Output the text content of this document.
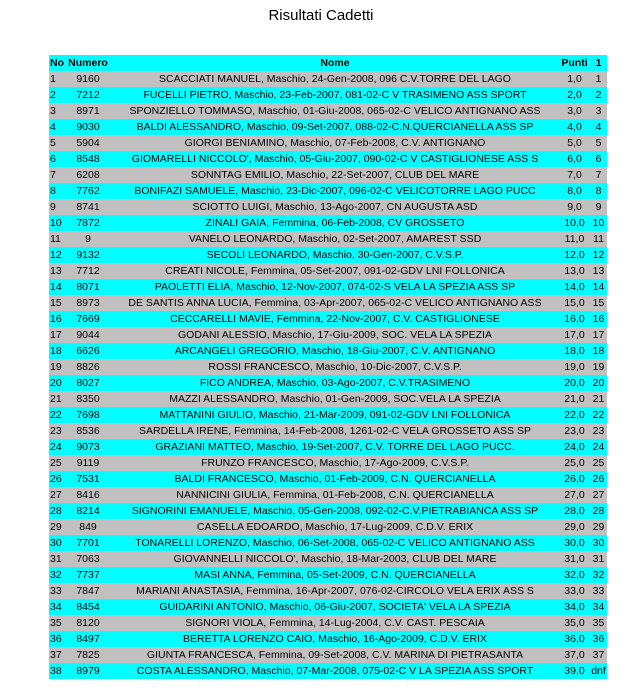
Risultati Cadetti
No	Numero	Nome	Punti	1
1	9160	SCACCIATI MANUEL, Maschio, 24-Gen-2008, 096 C.V.TORRE DEL LAGO	1,0	1
2	7212	FUCELLI PIETRO, Maschio, 23-Feb-2007, 081-02-C V TRASIMENO ASS SPORT	2,0	2
3	8971	SPONZIELLO TOMMASO, Maschio, 01-Giu-2008, 065-02-C VELICO ANTIGNANO ASS	3,0	3
4	9030	BALDI ALESSANDRO, Maschio, 09-Set-2007, 088-02-C.N.QUERCIANELLA ASS SP	4,0	4
5	5904	GIORGI BENIAMINO, Maschio, 07-Feb-2008, C.V. ANTIGNANO	5,0	5
6	8548	GIOMARELLI NICCOLO', Maschio, 05-Giu-2007, 090-02-C V CASTIGLIONESE ASS S	6,0	6
7	6208	SONNTAG EMILIO, Maschio, 22-Set-2007, CLUB DEL MARE	7,0	7
8	7762	BONIFAZI SAMUELE, Maschio, 23-Dic-2007, 096-02-C VELICOTORRE LAGO PUCC	8,0	8
9	8741	SCIOTTO LUIGI, Maschio, 13-Ago-2007, CN AUGUSTA ASD	9,0	9
10	7872	ZINALI GAIA, Femmina, 06-Feb-2008, CV GROSSETO	10,0	10
11	9	VANELO LEONARDO, Maschio, 02-Set-2007, AMAREST SSD	11,0	11
12	9132	SECOLI LEONARDO, Maschio, 30-Gen-2007, C.V.S.P.	12,0	12
13	7712	CREATI NICOLE, Femmina, 05-Set-2007, 091-02-GDV LNI FOLLONICA	13,0	13
14	8071	PAOLETTI ELIA, Maschio, 12-Nov-2007, 074-02-S VELA LA SPEZIA ASS SP	14,0	14
15	8973	DE SANTIS ANNA LUCIA, Femmina, 03-Apr-2007, 065-02-C VELICO ANTIGNANO ASS	15,0	15
16	7669	CECCARELLI MAVIE, Femmina, 22-Nov-2007, C.V. CASTIGLIONESE	16,0	16
17	9044	GODANI ALESSIO, Maschio, 17-Giu-2009, SOC. VELA LA SPEZIA	17,0	17
18	6626	ARCANGELI GREGORIO, Maschio, 18-Giu-2007, C.V. ANTIGNANO	18,0	18
19	8826	ROSSI FRANCESCO, Maschio, 10-Dic-2007, C.V.S.P.	19,0	19
20	8027	FICO ANDREA, Maschio, 03-Ago-2007, C.V.TRASIMENO	20,0	20
21	8350	MAZZI ALESSANDRO, Maschio, 01-Gen-2009, SOC.VELA LA SPEZIA	21,0	21
22	7698	MATTANINI GIULIO, Maschio, 21-Mar-2009, 091-02-GDV LNI FOLLONICA	22,0	22
23	8536	SARDELLA IRENE, Femmina, 14-Feb-2008, 1261-02-C VELA GROSSETO ASS SP	23,0	23
24	9073	GRAZIANI MATTEO, Maschio, 19-Set-2007, C.V. TORRE DEL LAGO PUCC.	24,0	24
25	9119	FRUNZO FRANCESCO, Maschio, 17-Ago-2009, C.V.S.P.	25,0	25
26	7531	BALDI FRANCESCO, Maschio, 01-Feb-2009, C.N. QUERCIANELLA	26,0	26
27	8416	NANNICINI GIULIA, Femmina, 01-Feb-2008, C.N. QUERCIANELLA	27,0	27
28	8214	SIGNORINI EMANUELE, Maschio, 05-Gen-2008, 092-02-C.V.PIETRABIANCA ASS SP	28,0	28
29	849	CASELLA EDOARDO, Maschio, 17-Lug-2009, C.D.V. ERIX	29,0	29
30	7701	TONARELLI LORENZO, Maschio, 06-Set-2008, 065-02-C VELICO ANTIGNANO ASS	30,0	30
31	7063	GIOVANNELLI NICCOLO', Maschio, 18-Mar-2003, CLUB DEL MARE	31,0	31
32	7737	MASI ANNA, Femmina, 05-Set-2009, C.N. QUERCIANELLA	32,0	32
33	7847	MARIANI ANASTASIA, Femmina, 16-Apr-2007, 076-02-CIRCOLO VELA ERIX ASS S	33,0	33
34	8454	GUIDARINI ANTONIO, Maschio, 06-Giu-2007, SOCIETA' VELA LA SPEZIA	34,0	34
35	8120	SIGNORI VIOLA, Femmina, 14-Lug-2004, C.V. CAST. PESCAIA	35,0	35
36	8497	BERETTA LORENZO CAIO, Maschio, 16-Ago-2009, C.D.V. ERIX	36,0	36
37	7825	GIUNTA FRANCESCA, Femmina, 09-Set-2008, C.V. MARINA DI PIETRASANTA	37,0	37
38	8979	COSTA ALESSANDRO, Maschio, 07-Mar-2008, 075-02-C V LA SPEZIA ASS SPORT	39,0	dnf
